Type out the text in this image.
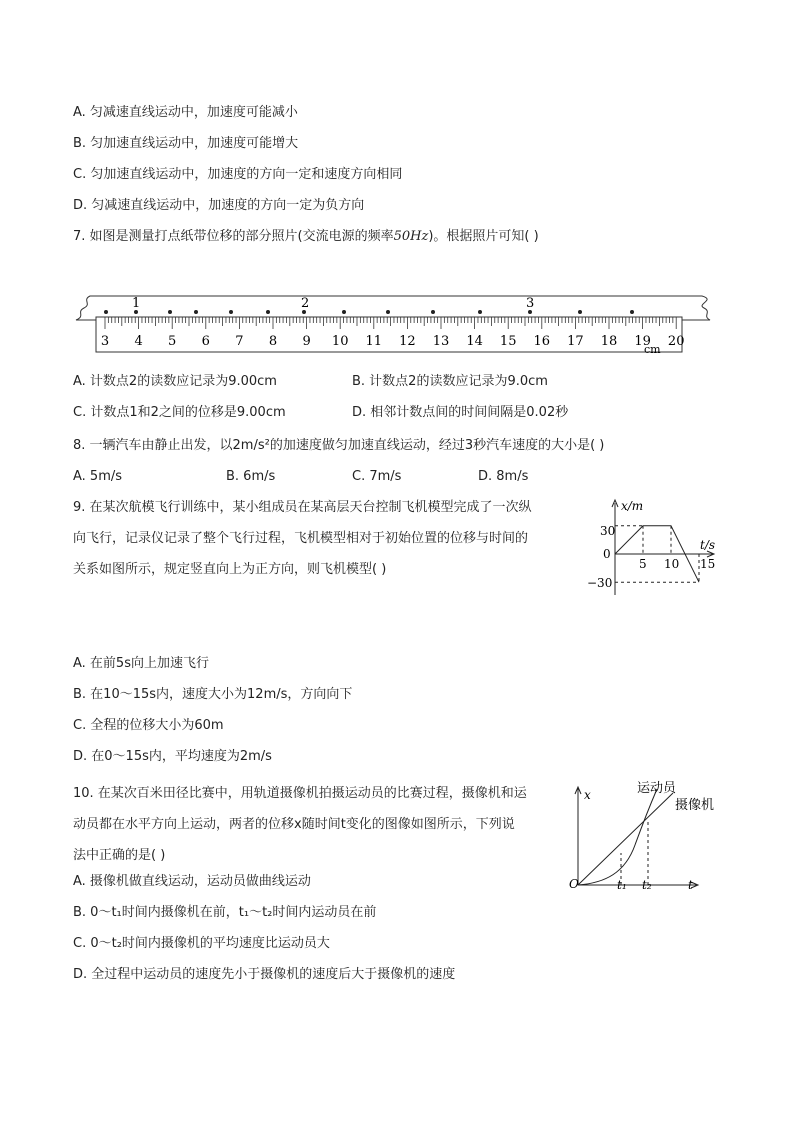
A. 匀减速直线运动中，加速度可能减小
B. 匀加速直线运动中，加速度可能增大
C. 匀加速直线运动中，加速度的方向一定和速度方向相同
D. 匀减速直线运动中，加速度的方向一定为负方向
7. 如图是测量打点纸带位移的部分照片(交流电源的频率50Hz)。根据照片可知( )
3 4 5 6 7 8 9 10 11 12 13 14 15 16 17 18 19 20
cm
1	2	3
A. 计数点2的读数应记录为9.00cm	B. 计数点2的读数应记录为9.0cm
C. 计数点1和2之间的位移是9.00cm	D. 相邻计数点间的时间间隔是0.02秒
8. 一辆汽车由静止出发，以2m/s²的加速度做匀加速直线运动，经过3秒汽车速度的大小是( )
A. 5m/s	B. 6m/s	C. 7m/s	D. 8m/s
9. 在某次航模飞行训练中，某小组成员在某高层天台控制飞机模型完成了一次纵
向飞行，记录仪记录了整个飞行过程，飞机模型相对于初始位置的位移与时间的
关系如图所示，规定竖直向上为正方向，则飞机模型( )
x/m
t/s
30
0
−30
5 10 15
A. 在前5s向上加速飞行
B. 在10～15s内，速度大小为12m/s，方向向下
C. 全程的位移大小为60m
D. 在0～15s内，平均速度为2m/s
10. 在某次百米田径比赛中，用轨道摄像机拍摄运动员的比赛过程，摄像机和运
动员都在水平方向上运动，两者的位移x随时间t变化的图像如图所示，下列说
法中正确的是( )
x
t
O	t₁ t₂
运动员
摄像机
A. 摄像机做直线运动，运动员做曲线运动
B. 0～t₁时间内摄像机在前，t₁～t₂时间内运动员在前
C. 0～t₂时间内摄像机的平均速度比运动员大
D. 全过程中运动员的速度先小于摄像机的速度后大于摄像机的速度
